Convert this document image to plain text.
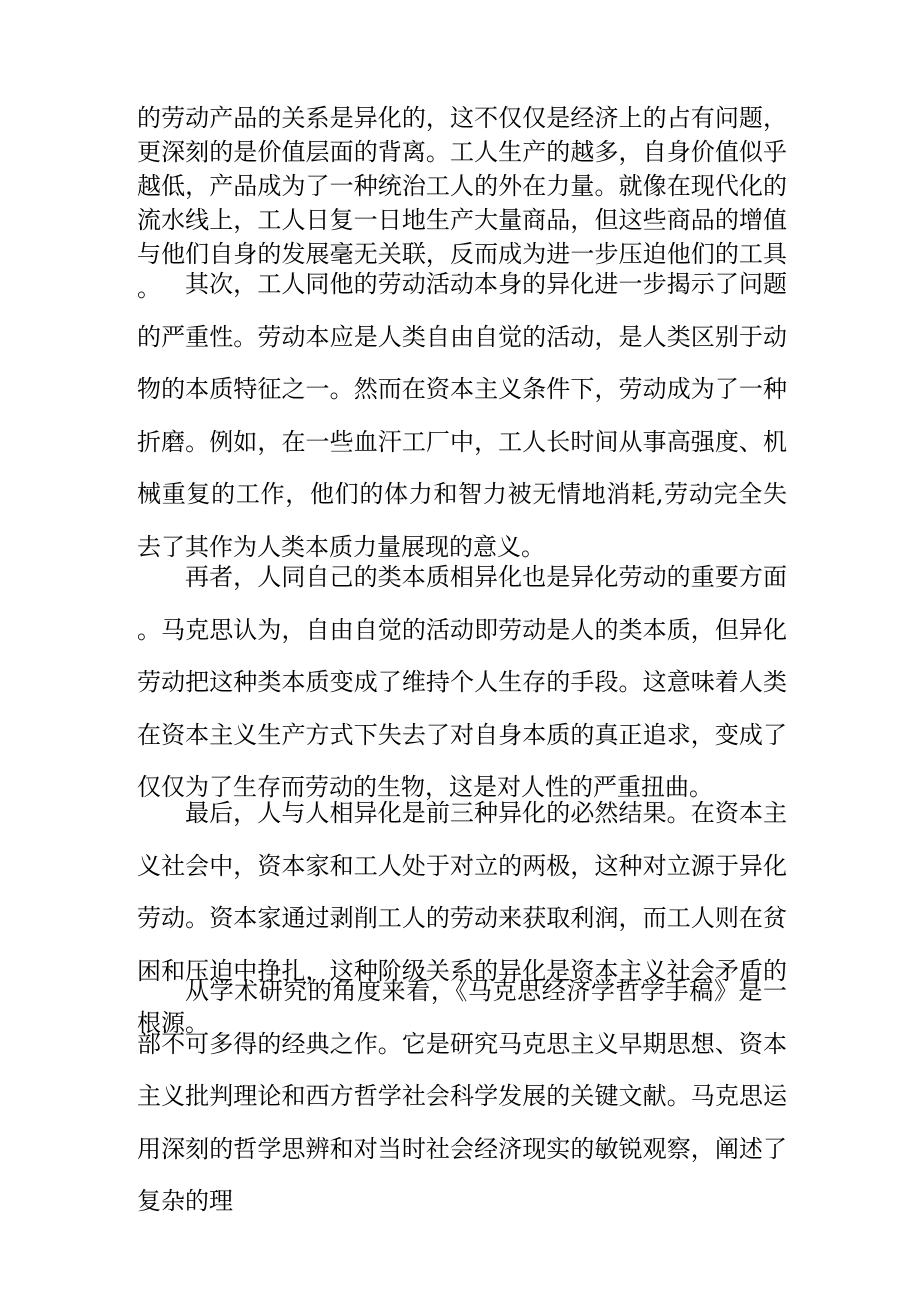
的劳动产品的关系是异化的，这不仅仅是经济上的占有问题，更深刻的是价值层面的背离。工人生产的越多，自身价值似乎越低，产品成为了一种统治工人的外在力量。就像在现代化的流水线上，工人日复一日地生产大量商品，但这些商品的增值与他们自身的发展毫无关联，反而成为进一步压迫他们的工具。	其次，工人同他的劳动活动本身的异化进一步揭示了问题的严重性。劳动本应是人类自由自觉的活动，是人类区别于动物的本质特征之一。然而在资本主义条件下，劳动成为了一种折磨。例如，在一些血汗工厂中，工人长时间从事高强度、机械重复的工作，他们的体力和智力被无情地消耗,劳动完全失去了其作为人类本质力量展现的意义。

再者，人同自己的类本质相异化也是异化劳动的重要方面。马克思认为，自由自觉的活动即劳动是人的类本质，但异化劳动把这种类本质变成了维持个人生存的手段。这意味着人类在资本主义生产方式下失去了对自身本质的真正追求，变成了仅仅为了生存而劳动的生物，这是对人性的严重扭曲。

最后，人与人相异化是前三种异化的必然结果。在资本主义社会中，资本家和工人处于对立的两极，这种对立源于异化劳动。资本家通过剥削工人的劳动来获取利润，而工人则在贫困和压迫中挣扎，这种阶级关系的异化是资本主义社会矛盾的根源。

从学术研究的角度来看，《马克思经济学哲学手稿》是一部不可多得的经典之作。它是研究马克思主义早期思想、资本主义批判理论和西方哲学社会科学发展的关键文献。马克思运用深刻的哲学思辨和对当时社会经济现实的敏锐观察，阐述了复杂的理
